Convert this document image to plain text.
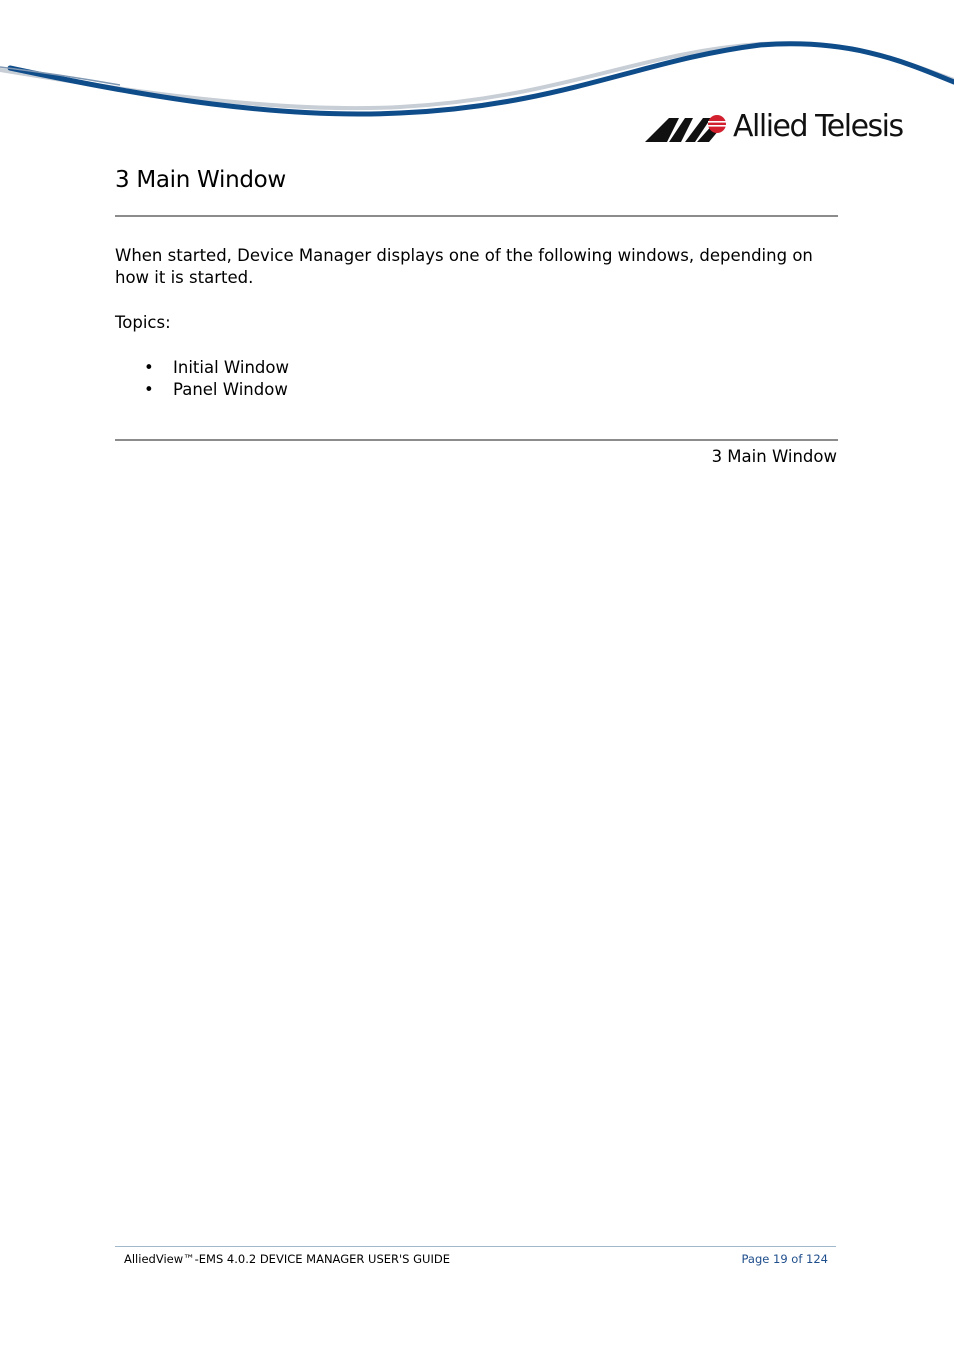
Allied Telesis
3 Main Window

When started, Device Manager displays one of the following windows, depending on how it is started.

Topics:

• Initial Window
• Panel Window
3 Main Window
AlliedView™-EMS 4.0.2 DEVICE MANAGER USER'S GUIDE	Page 19 of 124
